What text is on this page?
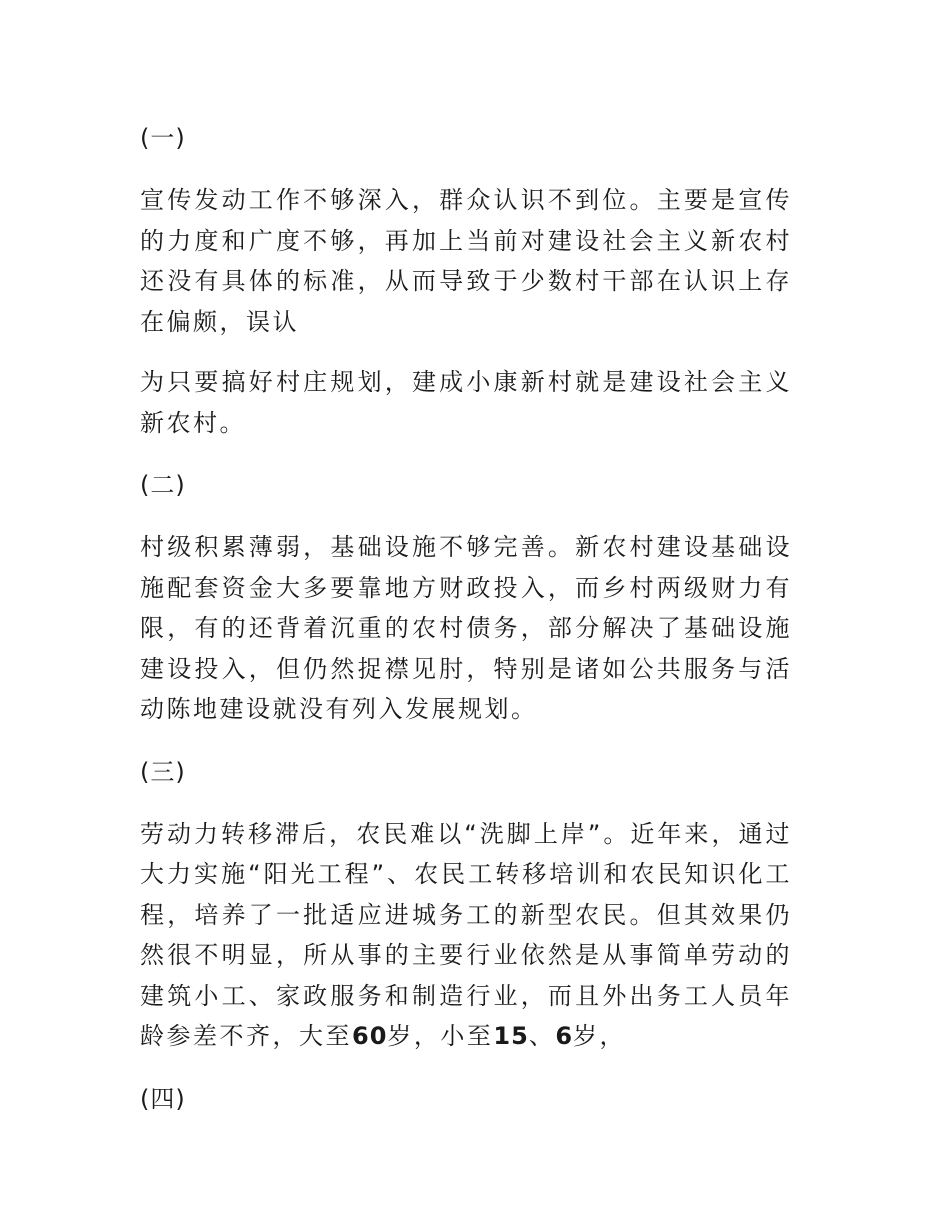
(一)

宣传发动工作不够深入，群众认识不到位。主要是宣传的力度和广度不够，再加上当前对建设社会主义新农村还没有具体的标准，从而导致于少数村干部在认识上存在偏颇，误认

为只要搞好村庄规划，建成小康新村就是建设社会主义新农村。

(二)

村级积累薄弱，基础设施不够完善。新农村建设基础设施配套资金大多要靠地方财政投入，而乡村两级财力有限，有的还背着沉重的农村债务，部分解决了基础设施建设投入，但仍然捉襟见肘，特别是诸如公共服务与活动陈地建设就没有列入发展规划。

(三)

劳动力转移滞后，农民难以“洗脚上岸”。近年来，通过大力实施“阳光工程”、农民工转移培训和农民知识化工程，培养了一批适应进城务工的新型农民。但其效果仍然很不明显，所从事的主要行业依然是从事简单劳动的建筑小工、家政服务和制造行业，而且外出务工人员年龄参差不齐，大至60岁，小至15、6岁，

(四)
